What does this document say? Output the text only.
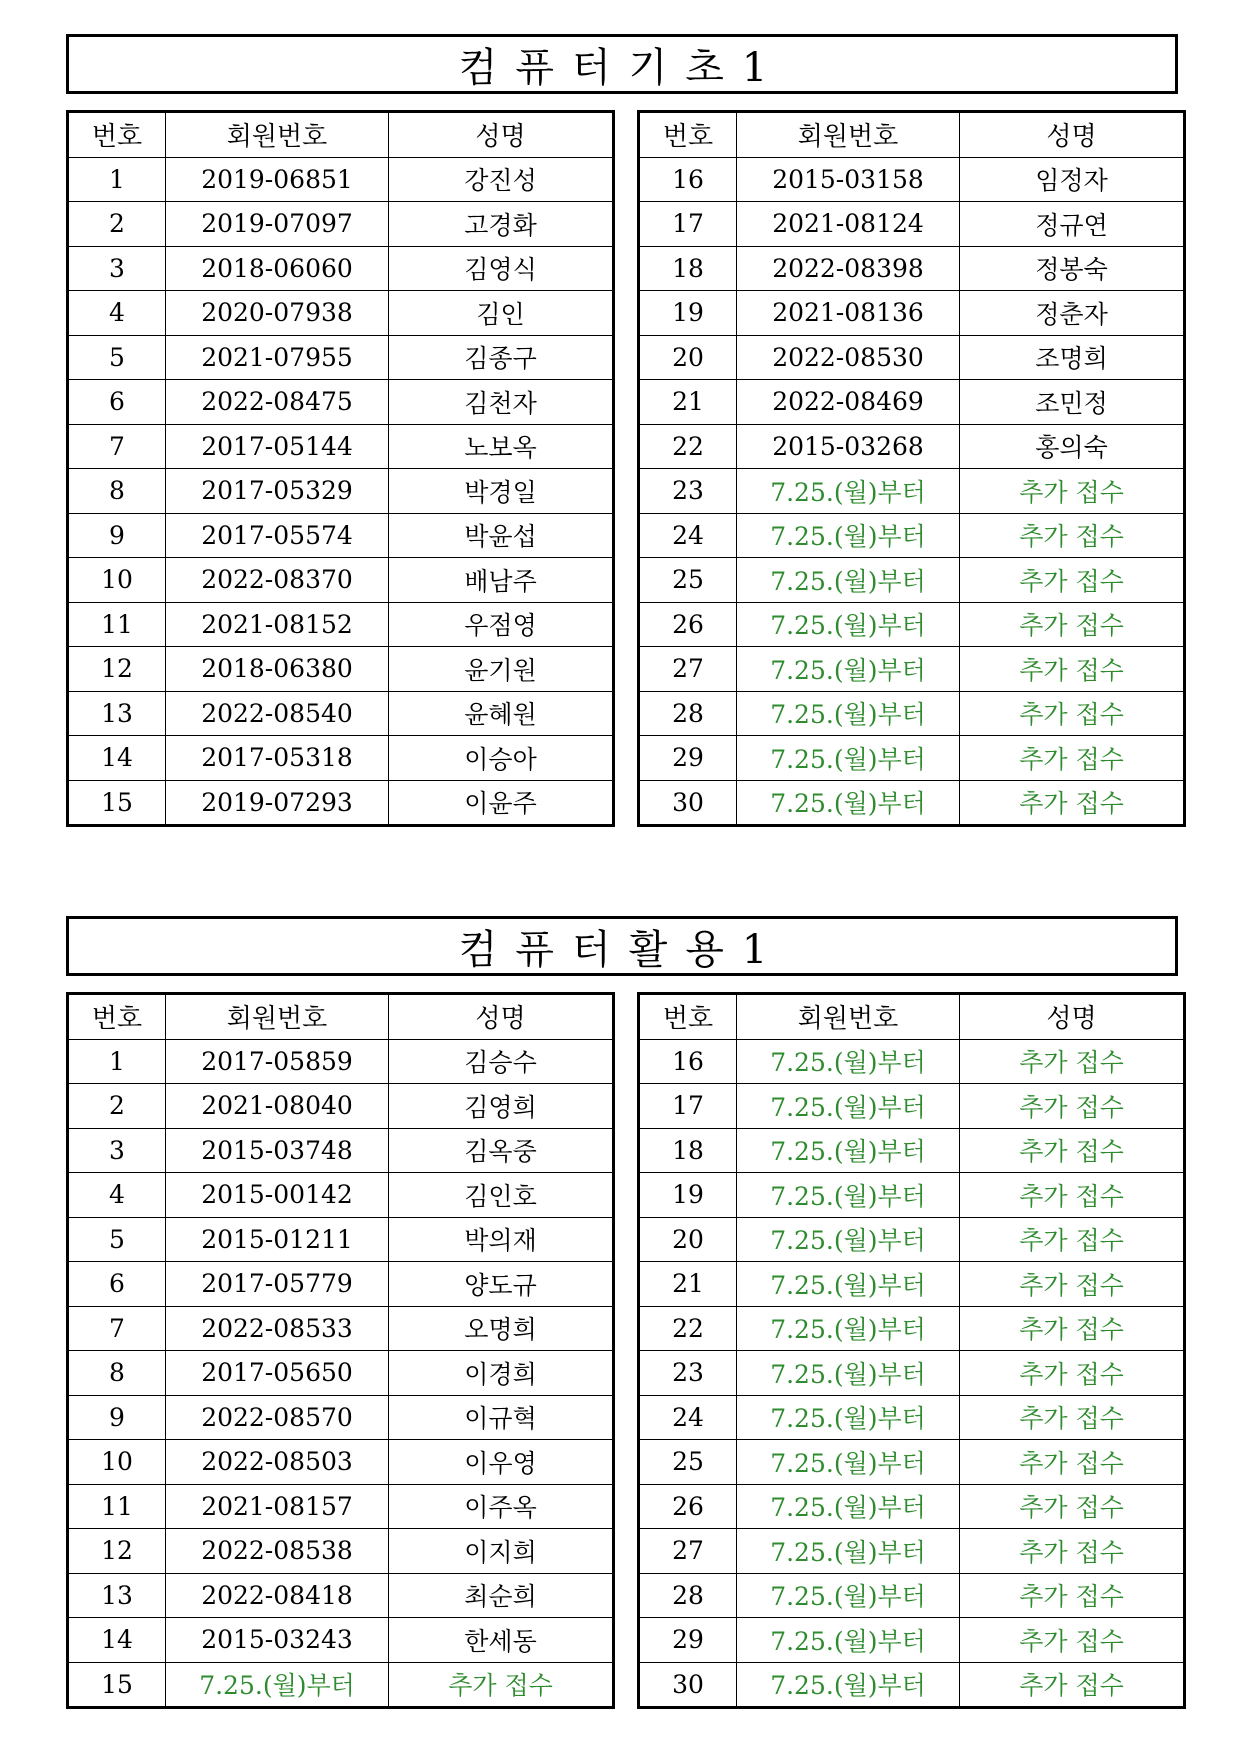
컴퓨터기초1
번호	회원번호	성명
1	2019-06851	강진성
2	2019-07097	고경화
3	2018-06060	김영식
4	2020-07938	김인
5	2021-07955	김종구
6	2022-08475	김천자
7	2017-05144	노보옥
8	2017-05329	박경일
9	2017-05574	박윤섭
10	2022-08370	배남주
11	2021-08152	우점영
12	2018-06380	윤기원
13	2022-08540	윤혜원
14	2017-05318	이승아
15	2019-07293	이윤주
번호	회원번호	성명
16	2015-03158	임정자
17	2021-08124	정규연
18	2022-08398	정봉숙
19	2021-08136	정춘자
20	2022-08530	조명희
21	2022-08469	조민정
22	2015-03268	홍의숙
23	7.25.(월)부터	추가 접수
24	7.25.(월)부터	추가 접수
25	7.25.(월)부터	추가 접수
26	7.25.(월)부터	추가 접수
27	7.25.(월)부터	추가 접수
28	7.25.(월)부터	추가 접수
29	7.25.(월)부터	추가 접수
30	7.25.(월)부터	추가 접수
컴퓨터활용1
번호	회원번호	성명
1	2017-05859	김승수
2	2021-08040	김영희
3	2015-03748	김옥중
4	2015-00142	김인호
5	2015-01211	박의재
6	2017-05779	양도규
7	2022-08533	오명희
8	2017-05650	이경희
9	2022-08570	이규혁
10	2022-08503	이우영
11	2021-08157	이주옥
12	2022-08538	이지희
13	2022-08418	최순희
14	2015-03243	한세동
15	7.25.(월)부터	추가 접수
번호	회원번호	성명
16	7.25.(월)부터	추가 접수
17	7.25.(월)부터	추가 접수
18	7.25.(월)부터	추가 접수
19	7.25.(월)부터	추가 접수
20	7.25.(월)부터	추가 접수
21	7.25.(월)부터	추가 접수
22	7.25.(월)부터	추가 접수
23	7.25.(월)부터	추가 접수
24	7.25.(월)부터	추가 접수
25	7.25.(월)부터	추가 접수
26	7.25.(월)부터	추가 접수
27	7.25.(월)부터	추가 접수
28	7.25.(월)부터	추가 접수
29	7.25.(월)부터	추가 접수
30	7.25.(월)부터	추가 접수
